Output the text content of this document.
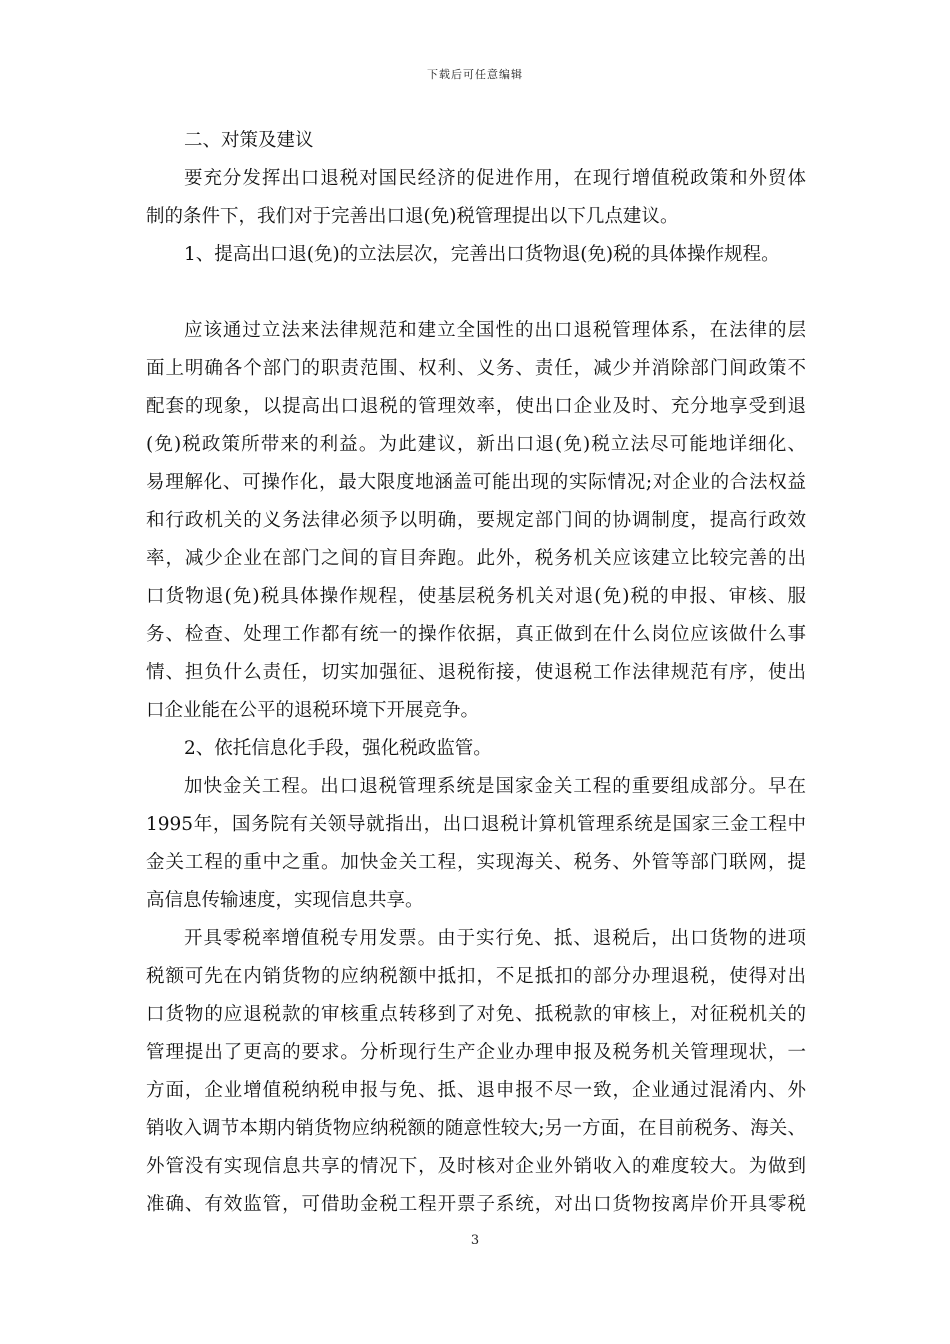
下载后可任意编辑
二、对策及建议
要充分发挥出口退税对国民经济的促进作用，在现行增值税政策和外贸体
制的条件下，我们对于完善出口退(免)税管理提出以下几点建议。
1、提高出口退(免)的立法层次，完善出口货物退(免)税的具体操作规程。
应该通过立法来法律规范和建立全国性的出口退税管理体系，在法律的层
面上明确各个部门的职责范围、权利、义务、责任，减少并消除部门间政策不
配套的现象，以提高出口退税的管理效率，使出口企业及时、充分地享受到退
(免)税政策所带来的利益。为此建议，新出口退(免)税立法尽可能地详细化、
易理解化、可操作化，最大限度地涵盖可能出现的实际情况;对企业的合法权益
和行政机关的义务法律必须予以明确，要规定部门间的协调制度，提高行政效
率，减少企业在部门之间的盲目奔跑。此外，税务机关应该建立比较完善的出
口货物退(免)税具体操作规程，使基层税务机关对退(免)税的申报、审核、服
务、检查、处理工作都有统一的操作依据，真正做到在什么岗位应该做什么事
情、担负什么责任，切实加强征、退税衔接，使退税工作法律规范有序，使出
口企业能在公平的退税环境下开展竞争。
2、依托信息化手段，强化税政监管。
加快金关工程。出口退税管理系统是国家金关工程的重要组成部分。早在
1995年，国务院有关领导就指出，出口退税计算机管理系统是国家三金工程中
金关工程的重中之重。加快金关工程，实现海关、税务、外管等部门联网，提
高信息传输速度，实现信息共享。
开具零税率增值税专用发票。由于实行免、抵、退税后，出口货物的进项
税额可先在内销货物的应纳税额中抵扣，不足抵扣的部分办理退税，使得对出
口货物的应退税款的审核重点转移到了对免、抵税款的审核上，对征税机关的
管理提出了更高的要求。分析现行生产企业办理申报及税务机关管理现状，一
方面，企业增值税纳税申报与免、抵、退申报不尽一致，企业通过混淆内、外
销收入调节本期内销货物应纳税额的随意性较大;另一方面，在目前税务、海关、
外管没有实现信息共享的情况下，及时核对企业外销收入的难度较大。为做到
准确、有效监管，可借助金税工程开票子系统，对出口货物按离岸价开具零税
3
